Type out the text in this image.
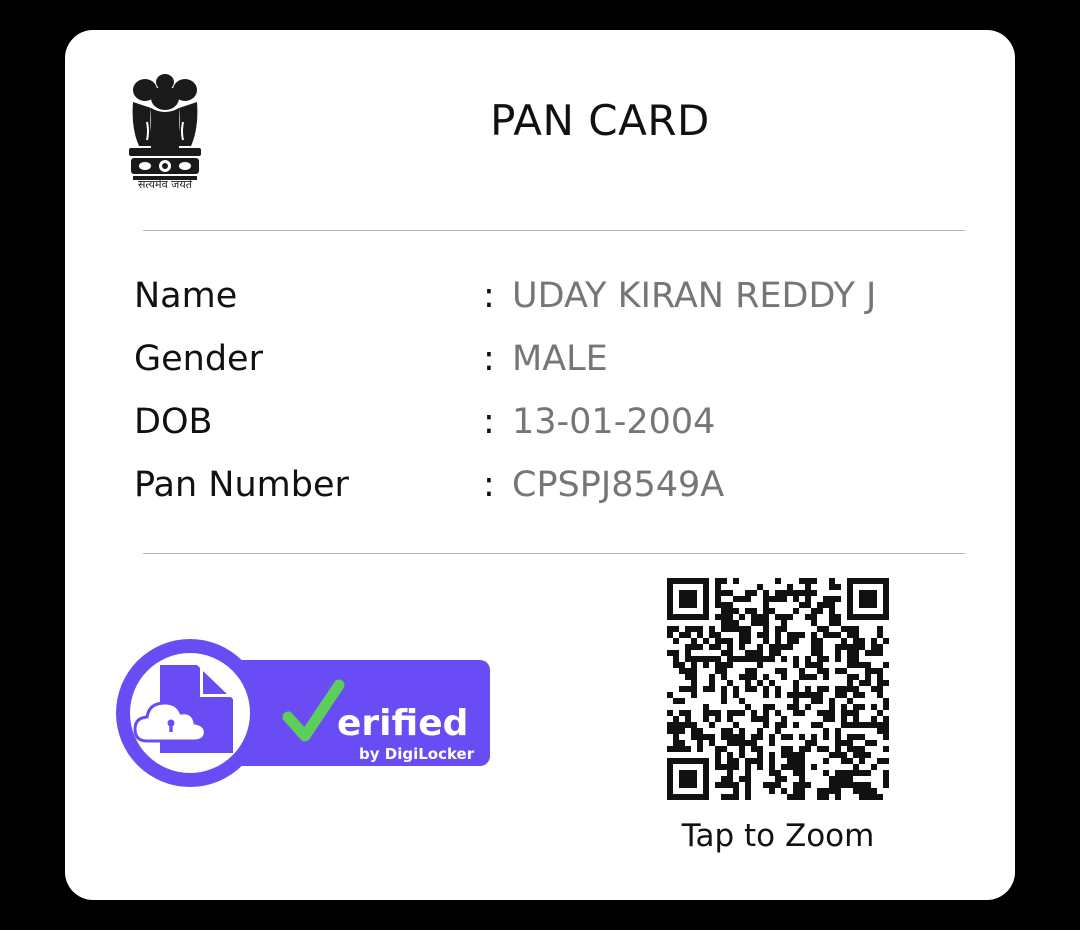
सत्यमेव जयते
PAN CARD
Name	: UDAY KIRAN REDDY J
Gender	: MALE
DOB	: 13-01-2004
Pan Number	: CPSPJ8549A
erified
by DigiLocker
Tap to Zoom
